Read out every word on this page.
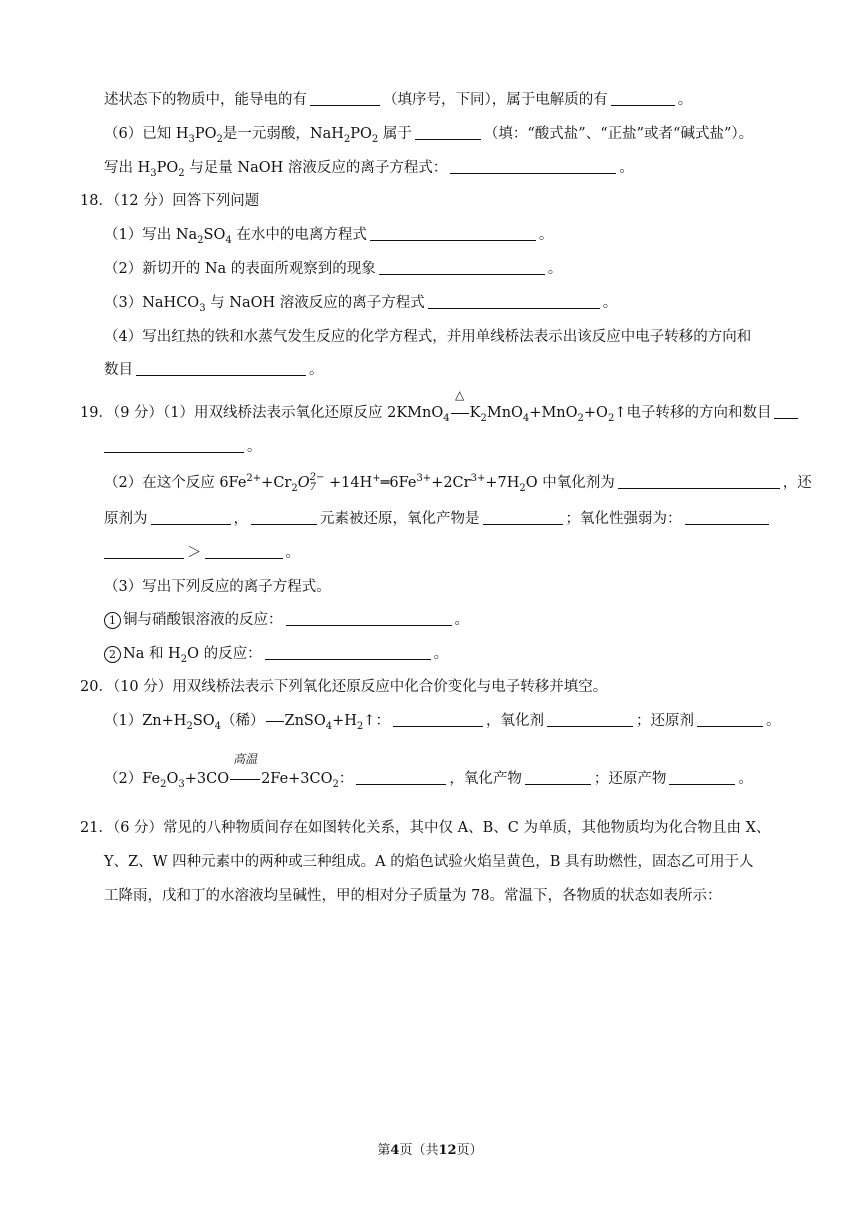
述状态下的物质中，能导电的有	（填序号，下同），属于电解质的有	。
（6）已知 $H_3PO_2$是一元弱酸，$NaH_2PO_2$ 属于	（填：“酸式盐”、“正盐”或者“碱式盐”）。
写出 $H_3PO_2$ 与足量 NaOH 溶液反应的离子方程式：	。
18．（12 分）回答下列问题
（1）写出 $Na_2SO_4$ 在水中的电离方程式	。
（2）新切开的 Na 的表面所观察到的现象	。
（3）NaHCO$_3$ 与 NaOH 溶液反应的离子方程式	。
（4）写出红热的铁和水蒸气发生反应的化学方程式，并用单线桥法表示出该反应中电子转移的方向和
数目	。
19．（9 分）（1）用双线桥法表示氧化还原反应 2KMnO$_4$
△
$K_2MnO_4+MnO_2+O_2↑$电子转移的方向和数目
。
（2）在这个反应 $6Fe^{2+}+Cr_2O2-$
$7 +14H^+═6Fe^{3+}+2Cr^{3+}+7H_2O$ 中氧化剂为	，还
原剂为	，	元素被还原，氧化产物是	；氧化性强弱为：
＞	。
（3）写出下列反应的离子方程式。
1 铜与硝酸银溶液的反应：	。
2 Na 和 $H_2O$ 的反应：	。
20．（10 分）用双线桥法表示下列氧化还原反应中化合价变化与电子转移并填空。
$(1)Zn+H_2SO_4$（稀） $ZnSO_4+H_2↑$：	，氧化剂	；还原剂	。
$(2)Fe_2O_3+3CO$
高温
$2Fe+3CO_2$：	，氧化产物	；还原产物	。
21．（6 分）常见的八种物质间存在如图转化关系，其中仅 A、B、C 为单质，其他物质均为化合物且由 X、
Y、Z、W 四种元素中的两种或三种组成。A 的焰色试验火焰呈黄色，B 具有助燃性，固态乙可用于人
工降雨，戊和丁的水溶液均呈碱性，甲的相对分子质量为 78。常温下，各物质的状态如表所示：
第4页（共12页）
